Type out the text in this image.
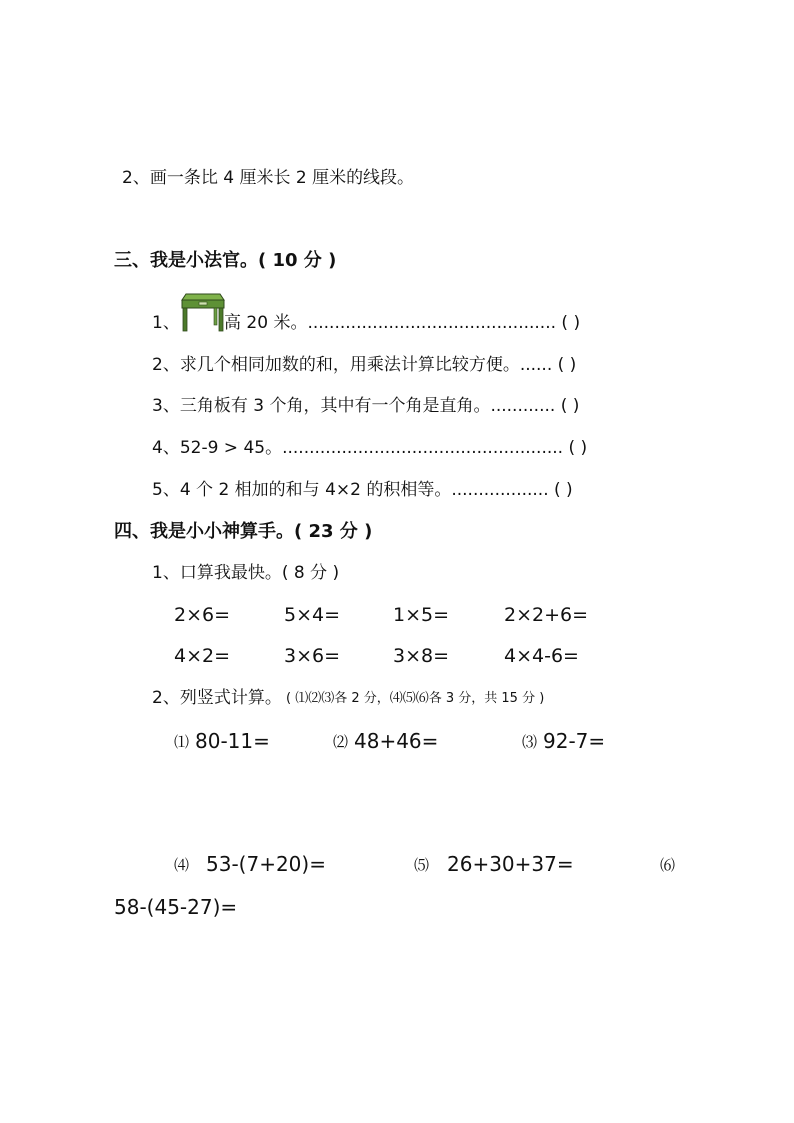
2、画一条比 4 厘米长 2 厘米的线段。
三、我是小法官。( 10 分 )
1、	高 20 米。.............................................. ( )
2、求几个相同加数的和，用乘法计算比较方便。...... ( )
3、三角板有 3 个角，其中有一个角是直角。............ ( )
4、52-9 > 45。.................................................... ( )
5、4 个 2 相加的和与 4×2 的积相等。.................. ( )
四、我是小小神算手。( 23 分 )
1、口算我最快。( 8 分 )
2×6=	5×4=	1×5=	2×2+6=
4×2=	3×6=	3×8=	4×4-6=
2、列竖式计算。 ( ⑴⑵⑶各 2 分，⑷⑸⑹各 3 分，共 15 分 )
⑴ 80-11=	⑵ 48+46=	⑶ 92-7=
⑷ 53-(7+20)=	⑸ 26+30+37=	⑹
58-(45-27)=
